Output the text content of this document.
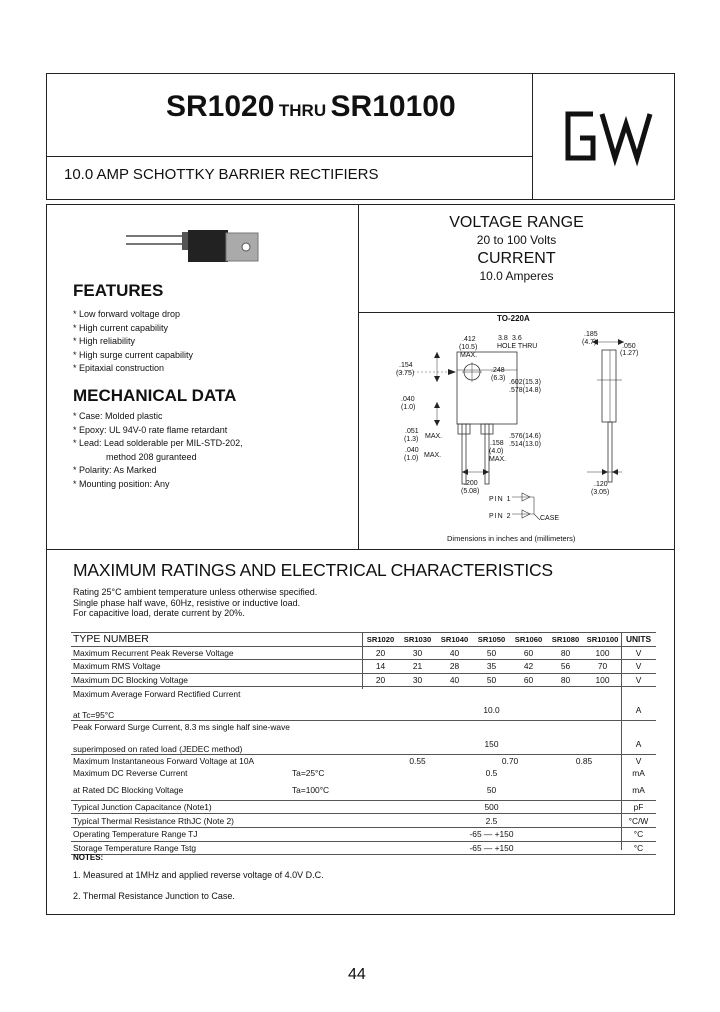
SR1020 THRU SR10100
10.0 AMP SCHOTTKY BARRIER RECTIFIERS
FEATURES
* Low forward voltage drop
* High current capability
* High reliability
* High surge current capability
* Epitaxial construction
MECHANICAL DATA
* Case: Molded plastic
* Epoxy: UL 94V-0 rate flame retardant
* Lead: Lead solderable per MIL-STD-202,
method 208 guranteed
* Polarity: As Marked
* Mounting position: Any
VOLTAGE RANGE
20 to 100 Volts
CURRENT
10.0 Amperes
TO-220A
.185
(4.7)
.050
(1.27)
.412
(10.5)
MAX.
3.8 3.6
HOLE THRU
.154
(3.75)	.248
(6.3)
.602(15.3)
.578(14.8)
.040
(1.0)
.051
(1.3) MAX.
.040
(1.0) MAX.
.576(14.6)
.514(13.0)
.158
(4.0)
MAX.
.200
(5.08)
.120
(3.05)
PIN 1
PIN 2	CASE
Dimensions in inches and (millimeters)
MAXIMUM RATINGS AND ELECTRICAL CHARACTERISTICS
Rating 25°C ambient temperature unless otherwise specified.
Single phase half wave, 60Hz, resistive or inductive load.
For capacitive load, derate current by 20%.
TYPE NUMBER	SR1020	SR1030	SR1040	SR1050	SR1060	SR1080	SR10100	UNITS
Maximum Recurrent Peak Reverse Voltage	20	30	40	50	60	80	100	V
Maximum RMS Voltage	14	21	28	35	42	56	70	V
Maximum DC Blocking Voltage	20	30	40	50	60	80	100	V
Maximum Average Forward Rectified Current								
at Tc=95°C	10.0							A
Peak Forward Surge Current, 8.3 ms single half sine-wave								
superimposed on rated load (JEDEC method)	150							A
Maximum Instantaneous Forward Voltage at 10A	0.55			0.70		0.85		V
Maximum DC Reverse Current Ta=25°C	0.5							mA
at Rated DC Blocking Voltage Ta=100°C	50							mA
Typical Junction Capacitance (Note1)	500							pF
Typical Thermal Resistance RthJC (Note 2)	2.5							°C/W
Operating Temperature Range TJ	-65 — +150							°C
Storage Temperature Range Tstg	-65 — +150							°C
NOTES:
1. Measured at 1MHz and applied reverse voltage of 4.0V D.C.
2. Thermal Resistance Junction to Case.
44
